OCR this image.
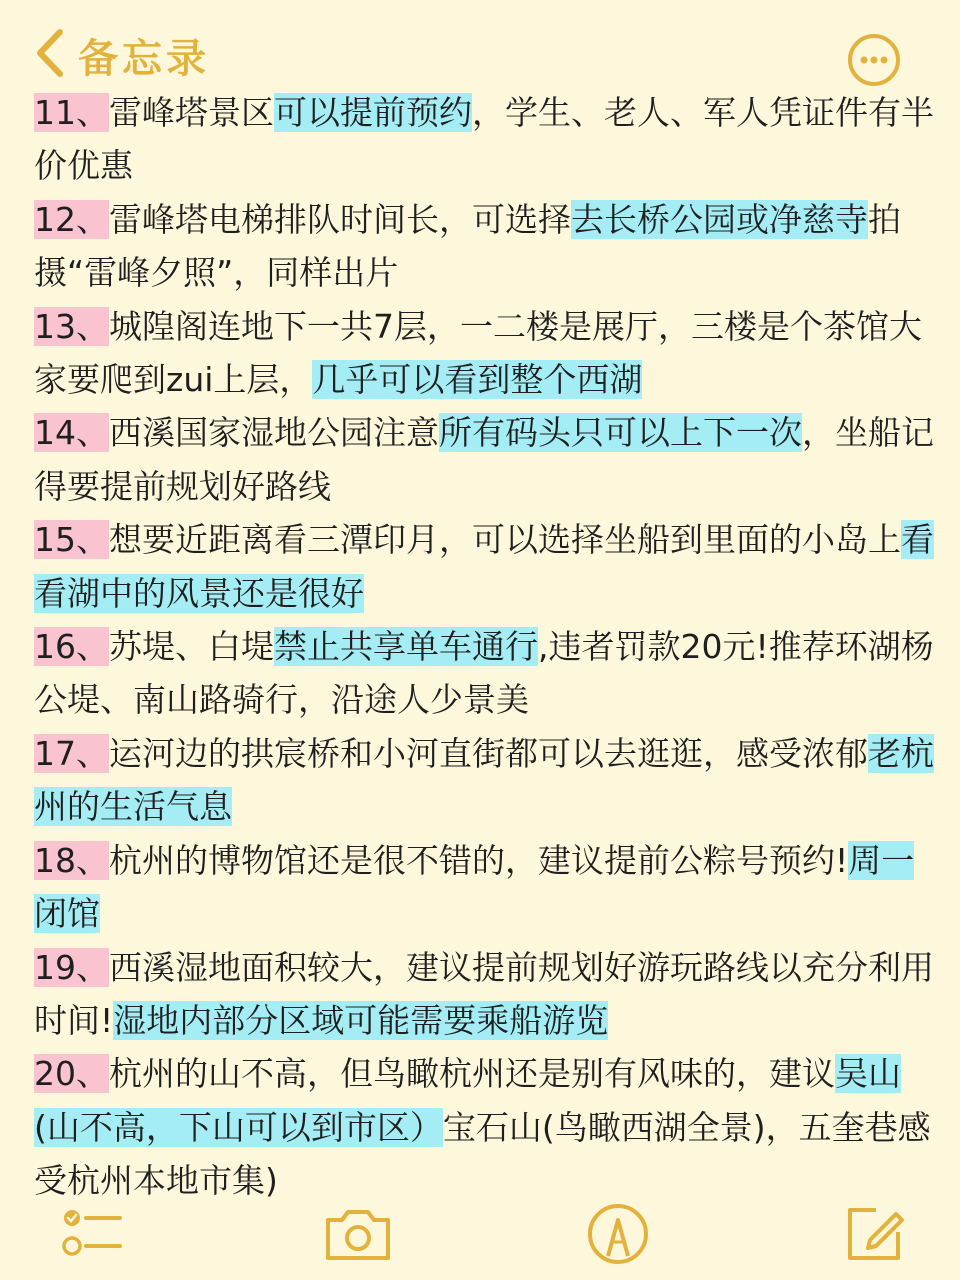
备忘录
11、雷峰塔景区可以提前预约，学生、老人、军人凭证件有半价优惠
12、雷峰塔电梯排队时间长，可选择去长桥公园或净慈寺拍摄“雷峰夕照”，同样出片
13、城隍阁连地下一共7层，一二楼是展厅，三楼是个茶馆大家要爬到zui上层，几乎可以看到整个西湖
14、西溪国家湿地公园注意所有码头只可以上下一次，坐船记得要提前规划好路线
15、想要近距离看三潭印月，可以选择坐船到里面的小岛上看看湖中的风景还是很好
16、苏堤、白堤禁止共享单车通行,违者罚款20元!推荐环湖杨公堤、南山路骑行，沿途人少景美
17、运河边的拱宸桥和小河直街都可以去逛逛，感受浓郁老杭州的生活气息
18、杭州的博物馆还是很不错的，建议提前公粽号预约!周一闭馆
19、西溪湿地面积较大，建议提前规划好游玩路线以充分利用时间!湿地内部分区域可能需要乘船游览
20、杭州的山不高，但鸟瞰杭州还是别有风味的，建议吴山(山不高，下山可以到市区）宝石山(鸟瞰西湖全景)，五奎巷感受杭州本地市集)
